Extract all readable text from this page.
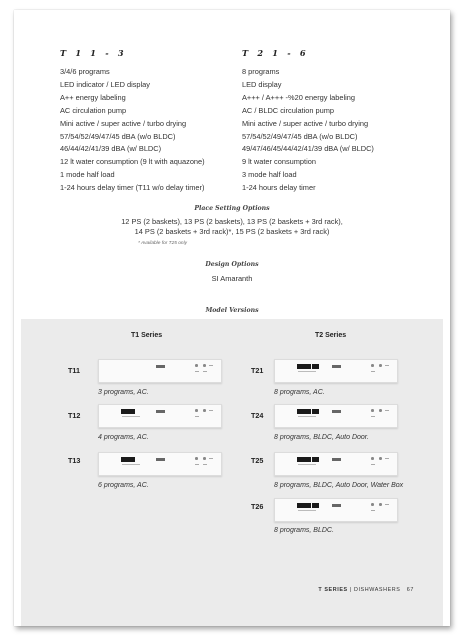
T 1 1 - 3
3/4/6 programs
LED indicator / LED display
A++ energy labeling
AC circulation pump
Mini active / super active / turbo drying
57/54/52/49/47/45 dBA (w/o BLDC)
46/44/42/41/39 dBA (w/ BLDC)
12 lt water consumption (9 lt with aquazone)
1 mode half load
1-24 hours delay timer (T11 w/o delay timer)
T 2 1 - 6
8 programs
LED display
A+++ / A+++ -%20 energy labeling
AC / BLDC circulation pump
Mini active / super active / turbo drying
57/54/52/49/47/45 dBA (w/o BLDC)
49/47/46/45/44/42/41/39 dBA (w/ BLDC)
9 lt water consumption
3 mode half load
1-24 hours delay timer
Place Setting Options
12 PS (2 baskets), 13 PS (2 baskets), 13 PS (2 baskets + 3rd rack),
14 PS (2 baskets + 3rd rack)*, 15 PS (2 baskets + 3rd rack)
* Available for T25 only
Design Options
SI Amaranth
Model Versions
T1 Series	T2 Series
T11
3 programs, AC.
T12
4 programs, AC.
T13
6 programs, AC.
T21
8 programs, AC.
T24
8 programs, BLDC, Auto Door.
T25
8 programs, BLDC, Auto Door, Water Box
T26
8 programs, BLDC.
T SERIES | DISHWASHERS 67
